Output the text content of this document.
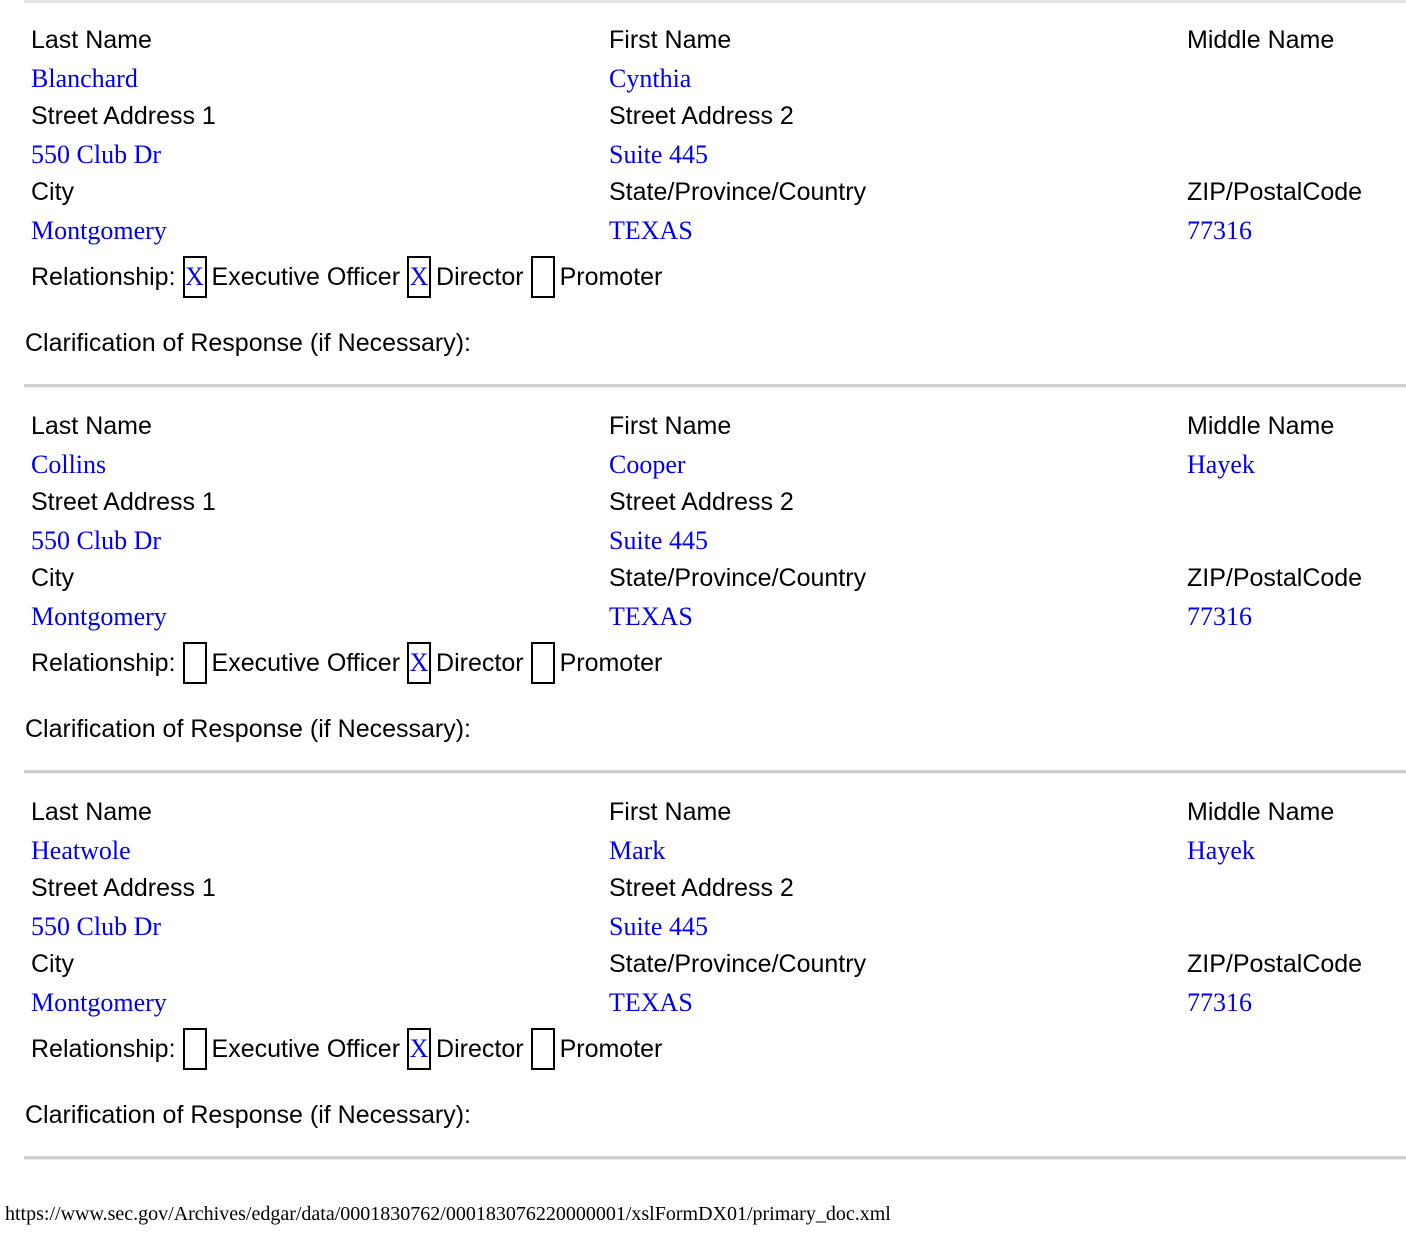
Last Name	First Name	Middle Name
Blanchard	Cynthia
Street Address 1	Street Address 2
550 Club Dr	Suite 445
City	State/Province/Country	ZIP/PostalCode
Montgomery	TEXAS	77316
Relationship: X Executive Officer X Director Promoter
Clarification of Response (if Necessary):
Last Name	First Name	Middle Name
Collins	Cooper	Hayek
Street Address 1	Street Address 2
550 Club Dr	Suite 445
City	State/Province/Country	ZIP/PostalCode
Montgomery	TEXAS	77316
Relationship: Executive Officer X Director Promoter
Clarification of Response (if Necessary):
Last Name	First Name	Middle Name
Heatwole	Mark	Hayek
Street Address 1	Street Address 2
550 Club Dr	Suite 445
City	State/Province/Country	ZIP/PostalCode
Montgomery	TEXAS	77316
Relationship: Executive Officer X Director Promoter
Clarification of Response (if Necessary):
https://www.sec.gov/Archives/edgar/data/0001830762/000183076220000001/xslFormDX01/primary_doc.xml
